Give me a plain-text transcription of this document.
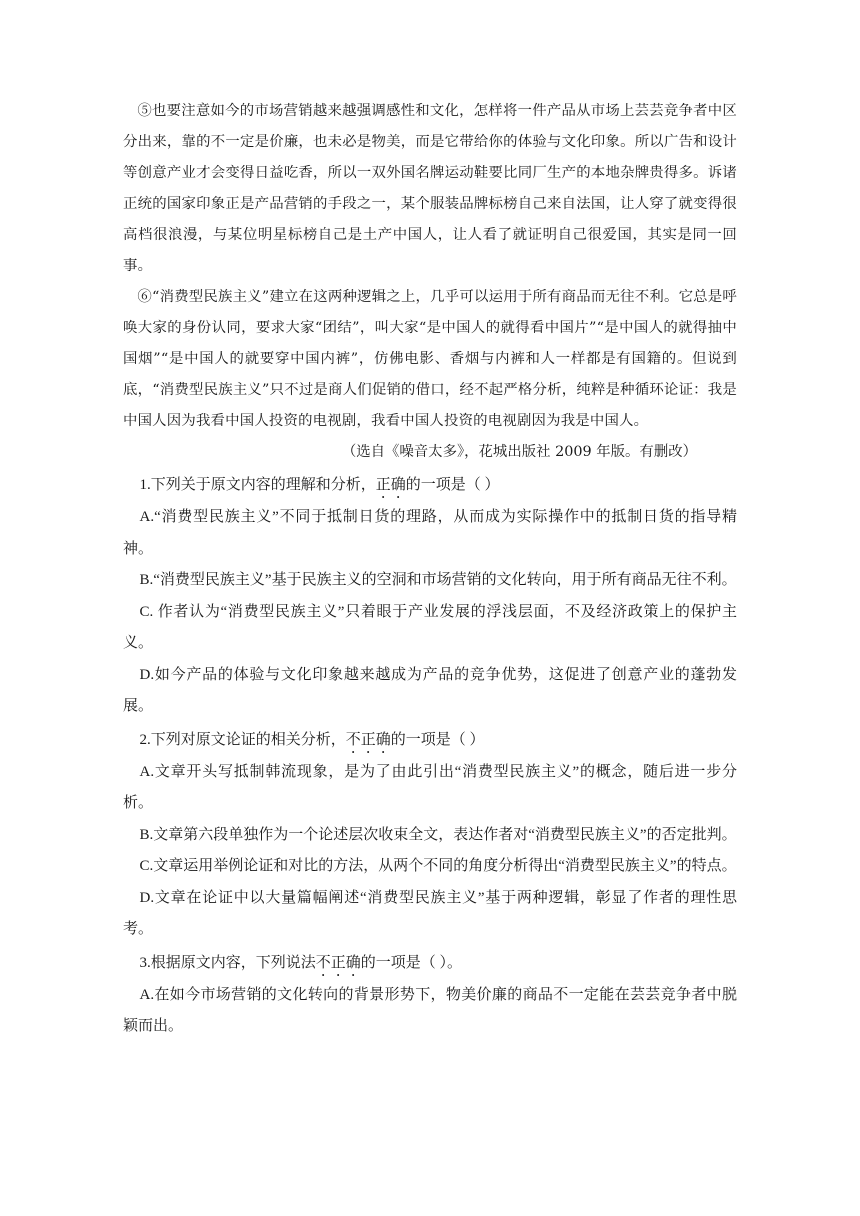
⑤也要注意如今的市场营销越来越强调感性和文化，怎样将一件产品从市场上芸芸竞争者中区分出来，靠的不一定是价廉，也未必是物美，而是它带给你的体验与文化印象。所以广告和设计等创意产业才会变得日益吃香，所以一双外国名牌运动鞋要比同厂生产的本地杂牌贵得多。诉诸正统的国家印象正是产品营销的手段之一，某个服装品牌标榜自己来自法国，让人穿了就变得很高档很浪漫，与某位明星标榜自己是土产中国人，让人看了就证明自己很爱国，其实是同一回事。

⑥“消费型民族主义”建立在这两种逻辑之上，几乎可以运用于所有商品而无往不利。它总是呼唤大家的身份认同，要求大家“团结”，叫大家“是中国人的就得看中国片”“是中国人的就得抽中国烟”“是中国人的就要穿中国内裤”，仿佛电影、香烟与内裤和人一样都是有国籍的。但说到底，“消费型民族主义”只不过是商人们促销的借口，经不起严格分析，纯粹是种循环论证：我是中国人因为我看中国人投资的电视剧，我看中国人投资的电视剧因为我是中国人。

（选自《噪音太多》，花城出版社 2009 年版。有删改）

1.下列关于原文内容的理解和分析，正确的一项是（ ）

A.“消费型民族主义”不同于抵制日货的理路，从而成为实际操作中的抵制日货的指导精神。

B.“消费型民族主义”基于民族主义的空洞和市场营销的文化转向，用于所有商品无往不利。

C. 作者认为“消费型民族主义”只着眼于产业发展的浮浅层面，不及经济政策上的保护主义。

D.如今产品的体验与文化印象越来越成为产品的竞争优势，这促进了创意产业的蓬勃发展。

2.下列对原文论证的相关分析，不正确的一项是（ ）

A.文章开头写抵制韩流现象，是为了由此引出“消费型民族主义”的概念，随后进一步分析。

B.文章第六段单独作为一个论述层次收束全文，表达作者对“消费型民族主义”的否定批判。

C.文章运用举例论证和对比的方法，从两个不同的角度分析得出“消费型民族主义”的特点。

D.文章在论证中以大量篇幅阐述“消费型民族主义”基于两种逻辑，彰显了作者的理性思考。

3.根据原文内容，下列说法不正确的一项是（ ）。

A.在如今市场营销的文化转向的背景形势下，物美价廉的商品不一定能在芸芸竞争者中脱颖而出。
